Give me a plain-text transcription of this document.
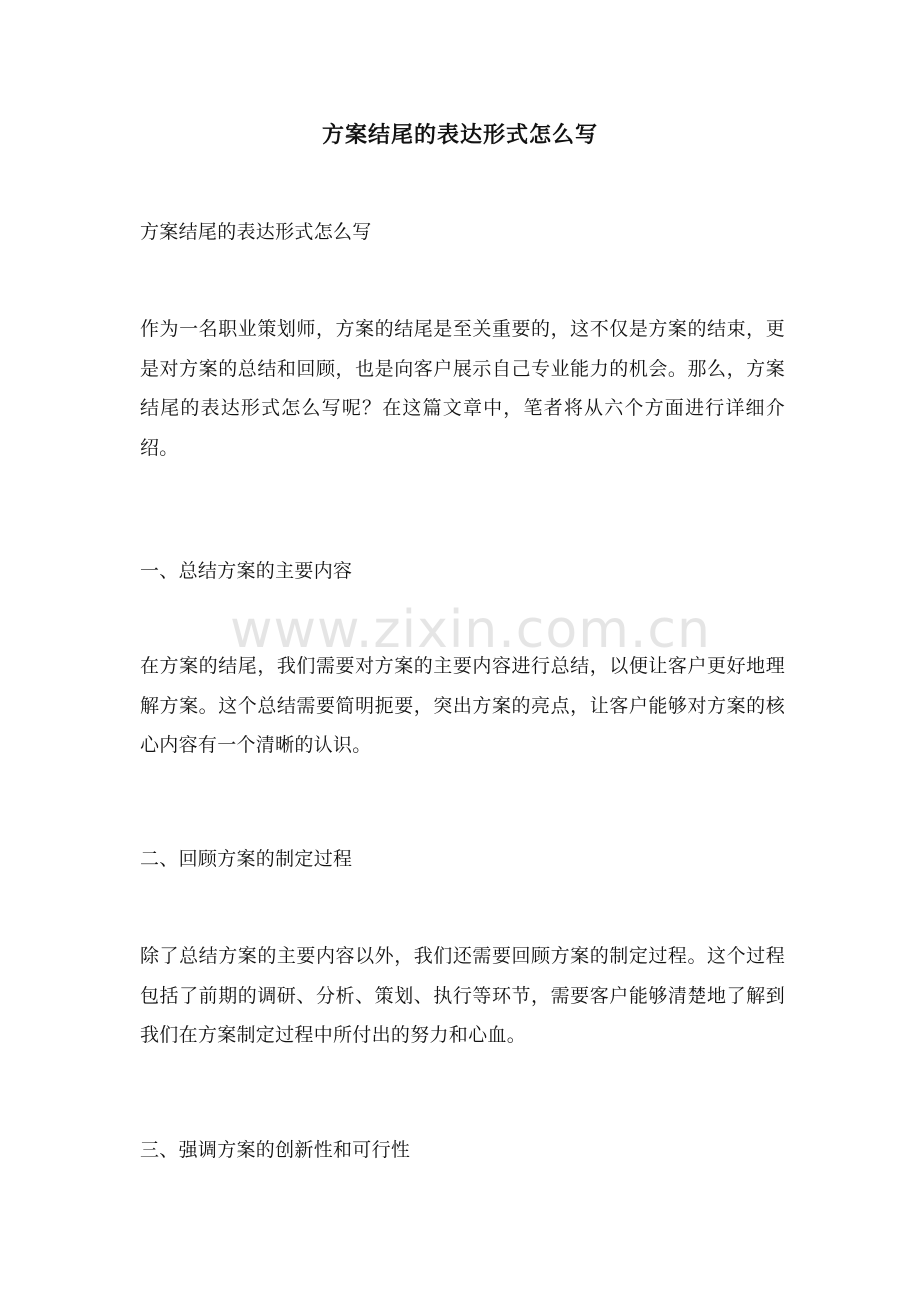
方案结尾的表达形式怎么写

方案结尾的表达形式怎么写

作为一名职业策划师，方案的结尾是至关重要的，这不仅是方案的结束，更是对方案的总结和回顾，也是向客户展示自己专业能力的机会。那么，方案结尾的表达形式怎么写呢？在这篇文章中，笔者将从六个方面进行详细介绍。

一、总结方案的主要内容

在方案的结尾，我们需要对方案的主要内容进行总结，以便让客户更好地理解方案。这个总结需要简明扼要，突出方案的亮点，让客户能够对方案的核心内容有一个清晰的认识。

二、回顾方案的制定过程

除了总结方案的主要内容以外，我们还需要回顾方案的制定过程。这个过程包括了前期的调研、分析、策划、执行等环节，需要客户能够清楚地了解到我们在方案制定过程中所付出的努力和心血。

三、强调方案的创新性和可行性

www.zixin.com.cn
